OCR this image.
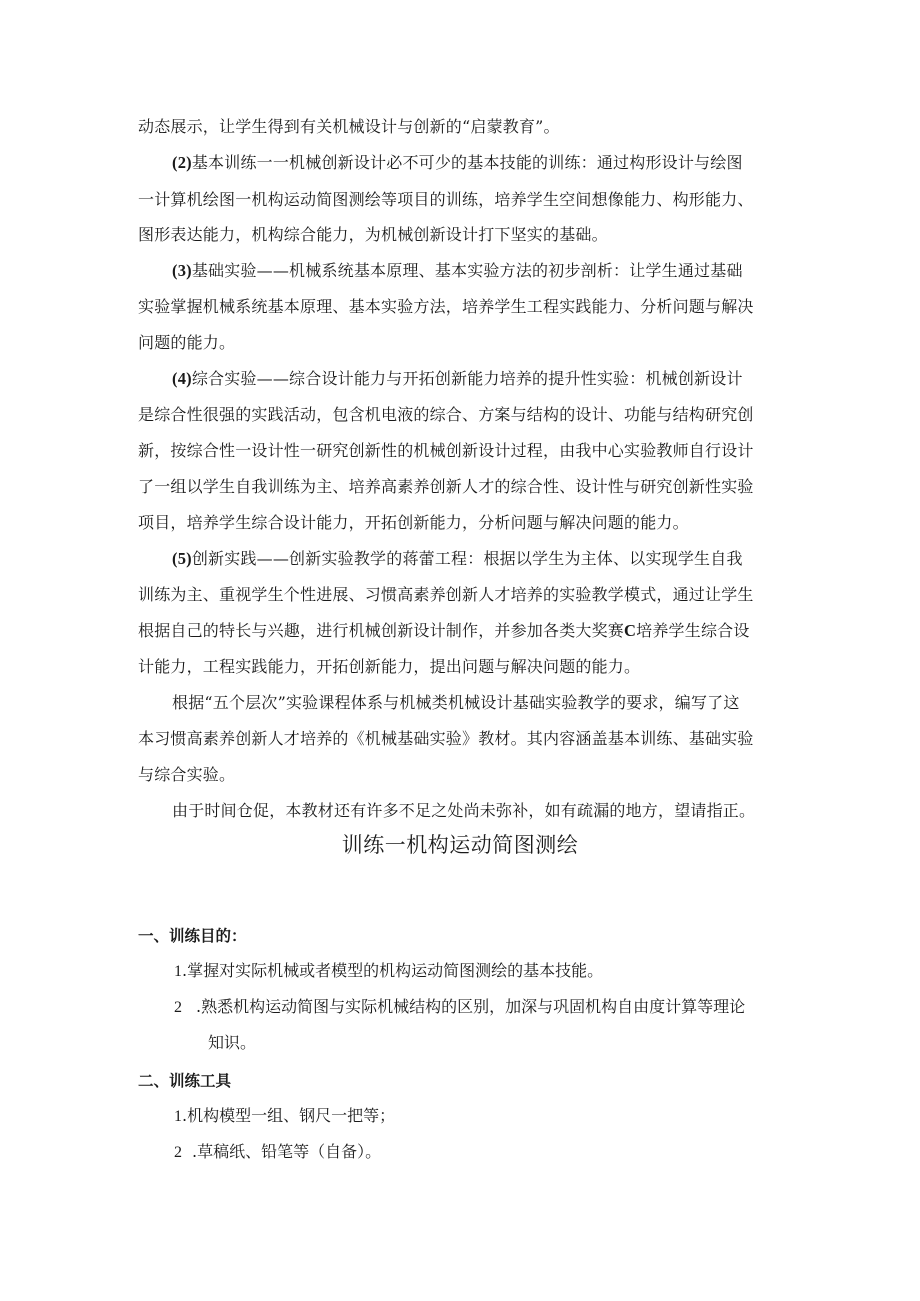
动态展示，让学生得到有关机械设计与创新的“启蒙教育”。
(2)基本训练一一机械创新设计必不可少的基本技能的训练：通过构形设计与绘图
一计算机绘图一机构运动简图测绘等项目的训练，培养学生空间想像能力、构形能力、
图形表达能力，机构综合能力，为机械创新设计打下坚实的基础。
(3)基础实验——机械系统基本原理、基本实验方法的初步剖析：让学生通过基础
实验掌握机械系统基本原理、基本实验方法，培养学生工程实践能力、分析问题与解决
问题的能力。
(4)综合实验——综合设计能力与开拓创新能力培养的提升性实验：机械创新设计
是综合性很强的实践活动，包含机电液的综合、方案与结构的设计、功能与结构研究创
新，按综合性一设计性一研究创新性的机械创新设计过程，由我中心实验教师自行设计
了一组以学生自我训练为主、培养高素养创新人才的综合性、设计性与研究创新性实验
项目，培养学生综合设计能力，开拓创新能力，分析问题与解决问题的能力。
(5)创新实践——创新实验教学的蒋蕾工程：根据以学生为主体、以实现学生自我
训练为主、重视学生个性进展、习惯高素养创新人才培养的实验教学模式，通过让学生
根据自己的特长与兴趣，进行机械创新设计制作，并参加各类大奖赛C培养学生综合设
计能力，工程实践能力，开拓创新能力，提出问题与解决问题的能力。
根据“五个层次”实验课程体系与机械类机械设计基础实验教学的要求，编写了这
本习惯高素养创新人才培养的《机械基础实验》教材。其内容涵盖基本训练、基础实验
与综合实验。
由于时间仓促，本教材还有许多不足之处尚未弥补，如有疏漏的地方，望请指正。
训练一机构运动简图测绘
一、训练目的：
1.掌握对实际机械或者模型的机构运动简图测绘的基本技能。
2 .熟悉机构运动简图与实际机械结构的区别，加深与巩固机构自由度计算等理论
知识。
二、训练工具
1.机构模型一组、钢尺一把等；
2 .草稿纸、铅笔等（自备）。
